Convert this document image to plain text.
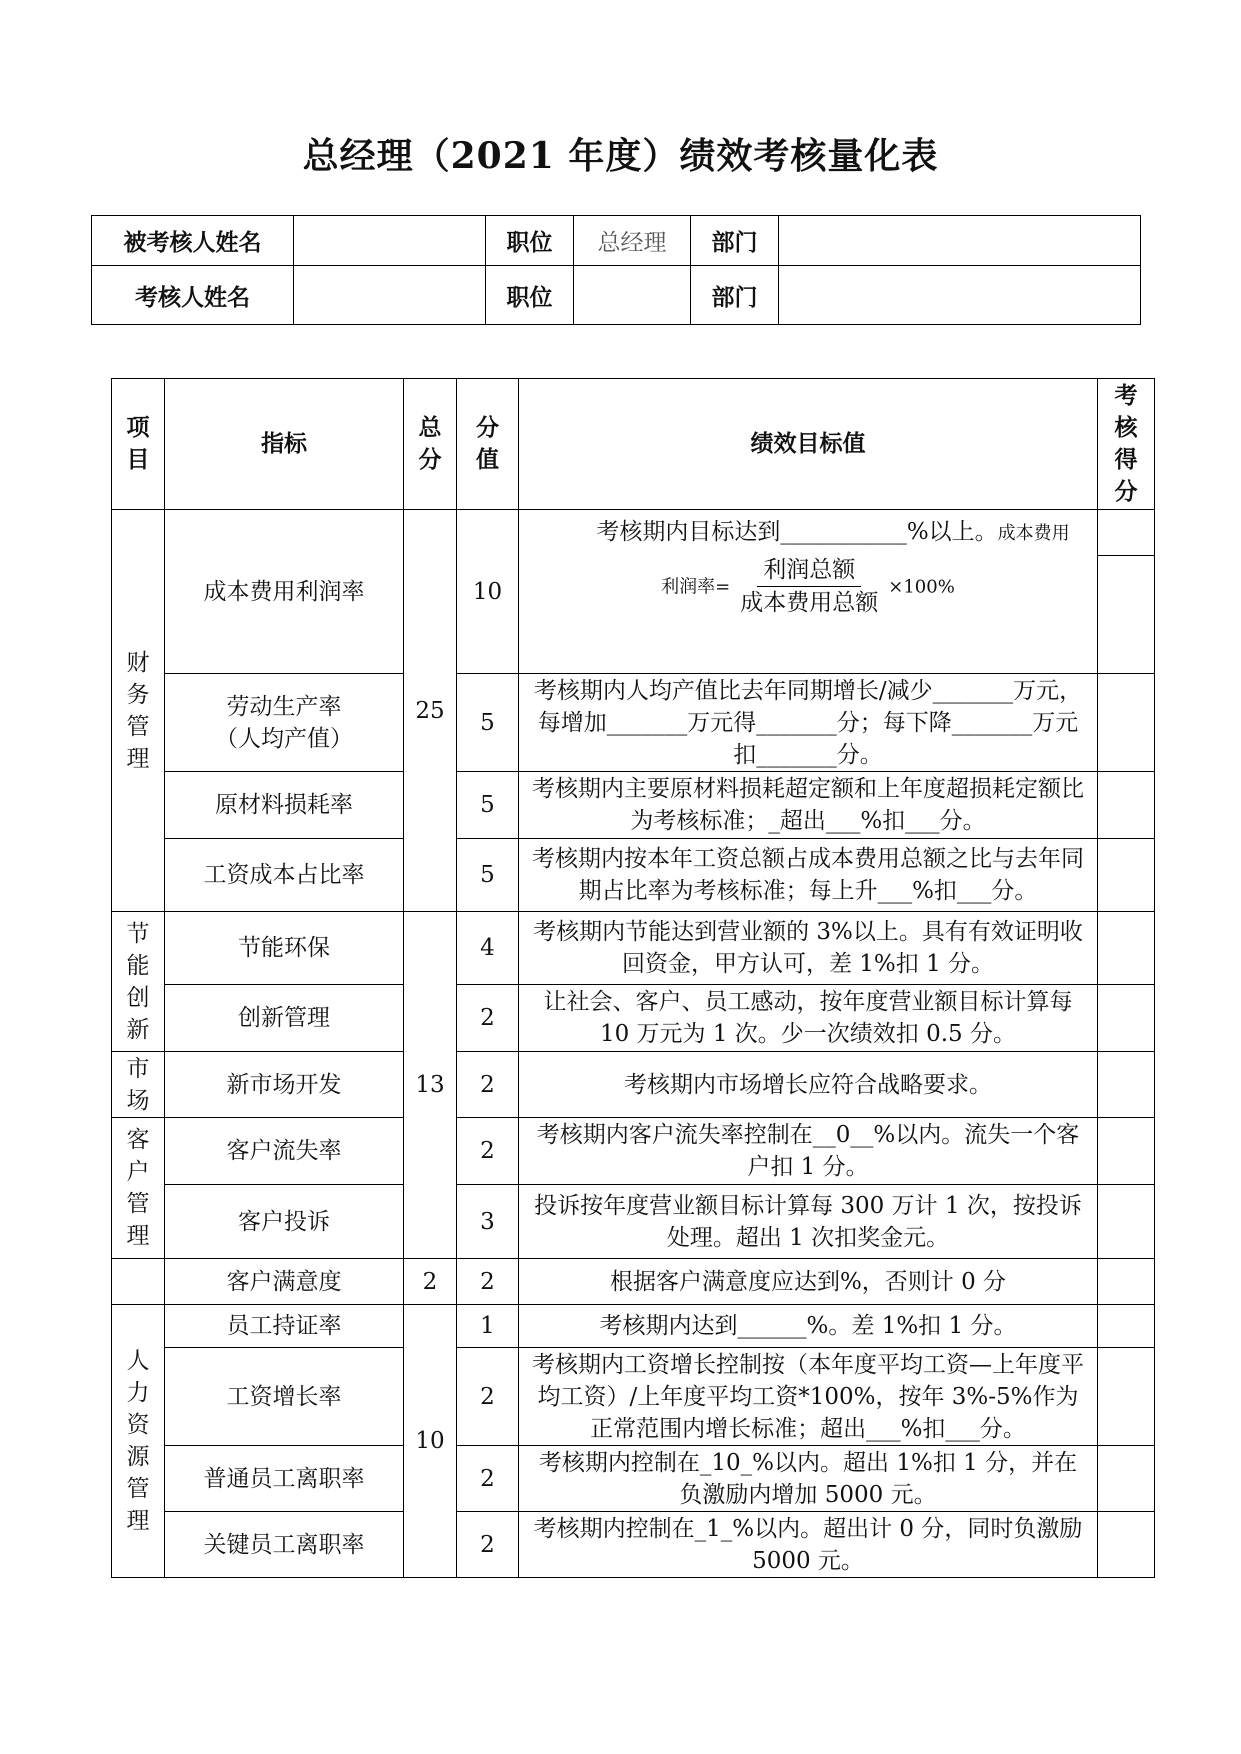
总经理（2021 年度）绩效考核量化表
被考核人姓名		职位	总经理	部门	
考核人姓名		职位		部门	
项目	指标	总分	分值	绩效目标值	考核得分
财务管理	成本费用利润率	25	10	考核期内目标达到___________%以上。成本费用
利润率= $\frac{\text{利润总额}}{\text{成本费用总额}} \times 100\%$	

	劳动生产率（人均产值）		5	考核期内人均产值比去年同期增长/减少_______万元，每增加_______万元得_______分；每下降_______万元扣_______分。	
	原材料损耗率		5	考核期内主要原材料损耗超定额和上年度超损耗定额比为考核标准；_超出___%扣___分。	
	工资成本占比率		5	考核期内按本年工资总额占成本费用总额之比与去年同期占比率为考核标准；每上升___%扣___分。	
节能创新	节能环保	13	4	考核期内节能达到营业额的 3%以上。具有有效证明收回资金，甲方认可，差 1%扣 1 分。	
	创新管理		2	让社会、客户、员工感动，按年度营业额目标计算每 10 万元为 1 次。少一次绩效扣 0.5 分。	
市场	新市场开发		2	考核期内市场增长应符合战略要求。	
客户管理	客户流失率		2	考核期内客户流失率控制在__0__%以内。流失一个客户扣 1 分。	
	客户投诉		3	投诉按年度营业额目标计算每 300 万计 1 次，按投诉处理。超出 1 次扣奖金元。	
	客户满意度	2	2	根据客户满意度应达到%，否则计 0 分	
人力资源管理	员工持证率	10	1	考核期内达到______%。差 1%扣 1 分。	
	工资增长率		2	考核期内工资增长控制按（本年度平均工资—上年度平均工资）/上年度平均工资*100%，按年 3%-5%作为正常范围内增长标准；超出___%扣___分。	
	普通员工离职率		2	考核期内控制在_10_%以内。超出 1%扣 1 分，并在负激励内增加 5000 元。	
	关键员工离职率		2	考核期内控制在_1_%以内。超出计 0 分，同时负激励 5000 元。	
